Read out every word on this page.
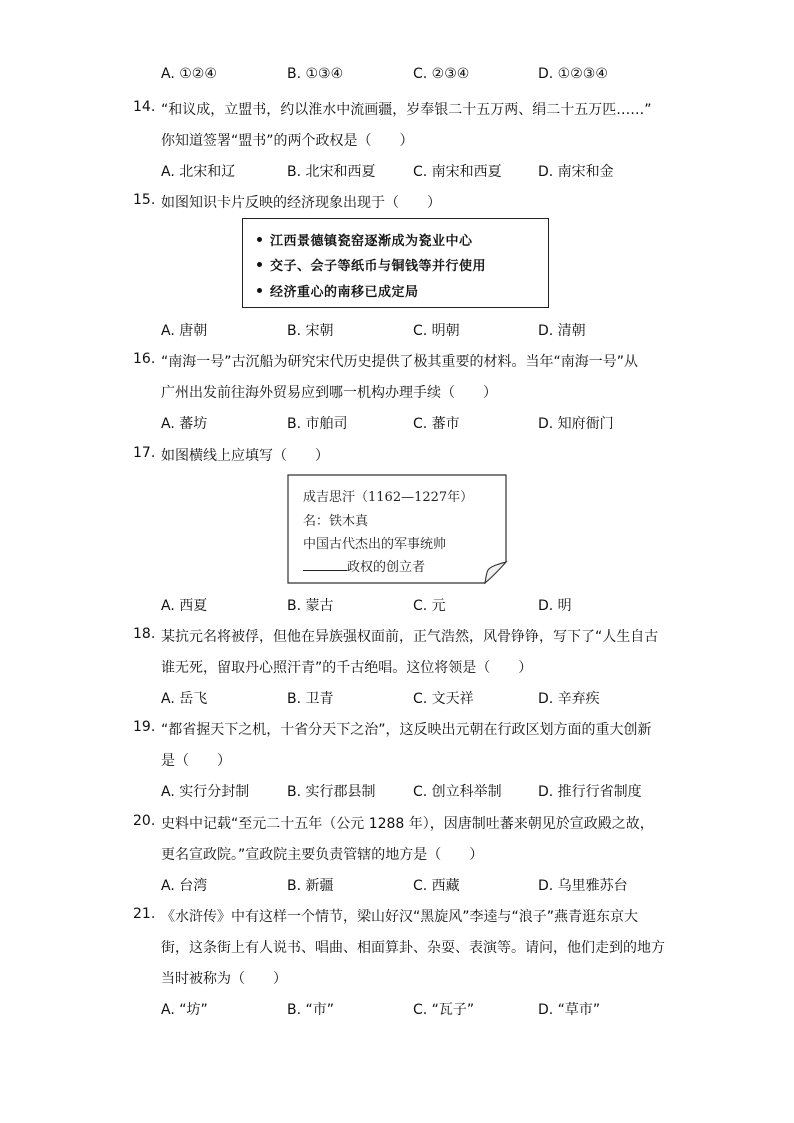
A. ①②④	B. ①③④	C. ②③④	D. ①②③④
14. “和议成，立盟书，约以淮水中流画疆，岁奉银二十五万两、绢二十五万匹……”
你知道签署“盟书”的两个政权是（　　）
A. 北宋和辽	B. 北宋和西夏	C. 南宋和西夏	D. 南宋和金
15. 如图知识卡片反映的经济现象出现于（　　）
江西景德镇瓷窑逐渐成为瓷业中心
交子、会子等纸币与铜钱等并行使用
经济重心的南移已成定局
A. 唐朝	B. 宋朝	C. 明朝	D. 清朝
16. “南海一号”古沉船为研究宋代历史提供了极其重要的材料。当年“南海一号”从
广州出发前往海外贸易应到哪一机构办理手续（　　）
A. 蕃坊	B. 市舶司	C. 蕃市	D. 知府衙门
17. 如图横线上应填写（　　）
成吉思汗（1162—1227年）
名：铁木真
中国古代杰出的军事统帅
政权的创立者
A. 西夏	B. 蒙古	C. 元	D. 明
18. 某抗元名将被俘，但他在异族强权面前，正气浩然，风骨铮铮，写下了“人生自古
谁无死，留取丹心照汗青”的千古绝唱。这位将领是（　　）
A. 岳飞	B. 卫青	C. 文天祥	D. 辛弃疾
19. “都省握天下之机，十省分天下之治”，这反映出元朝在行政区划方面的重大创新
是（　　）
A. 实行分封制	B. 实行郡县制	C. 创立科举制	D. 推行行省制度
20. 史料中记载“至元二十五年（公元 1288 年），因唐制吐蕃来朝见於宣政殿之故，
更名宣政院。”宣政院主要负责管辖的地方是（　　）
A. 台湾	B. 新疆	C. 西藏	D. 乌里雅苏台
21. 《水浒传》中有这样一个情节，梁山好汉“黑旋风”李逵与“浪子”燕青逛东京大
街，这条街上有人说书、唱曲、相面算卦、杂耍、表演等。请问，他们走到的地方
当时被称为（　　）
A. “坊”	B. “市”	C. “瓦子”	D. “草市”
